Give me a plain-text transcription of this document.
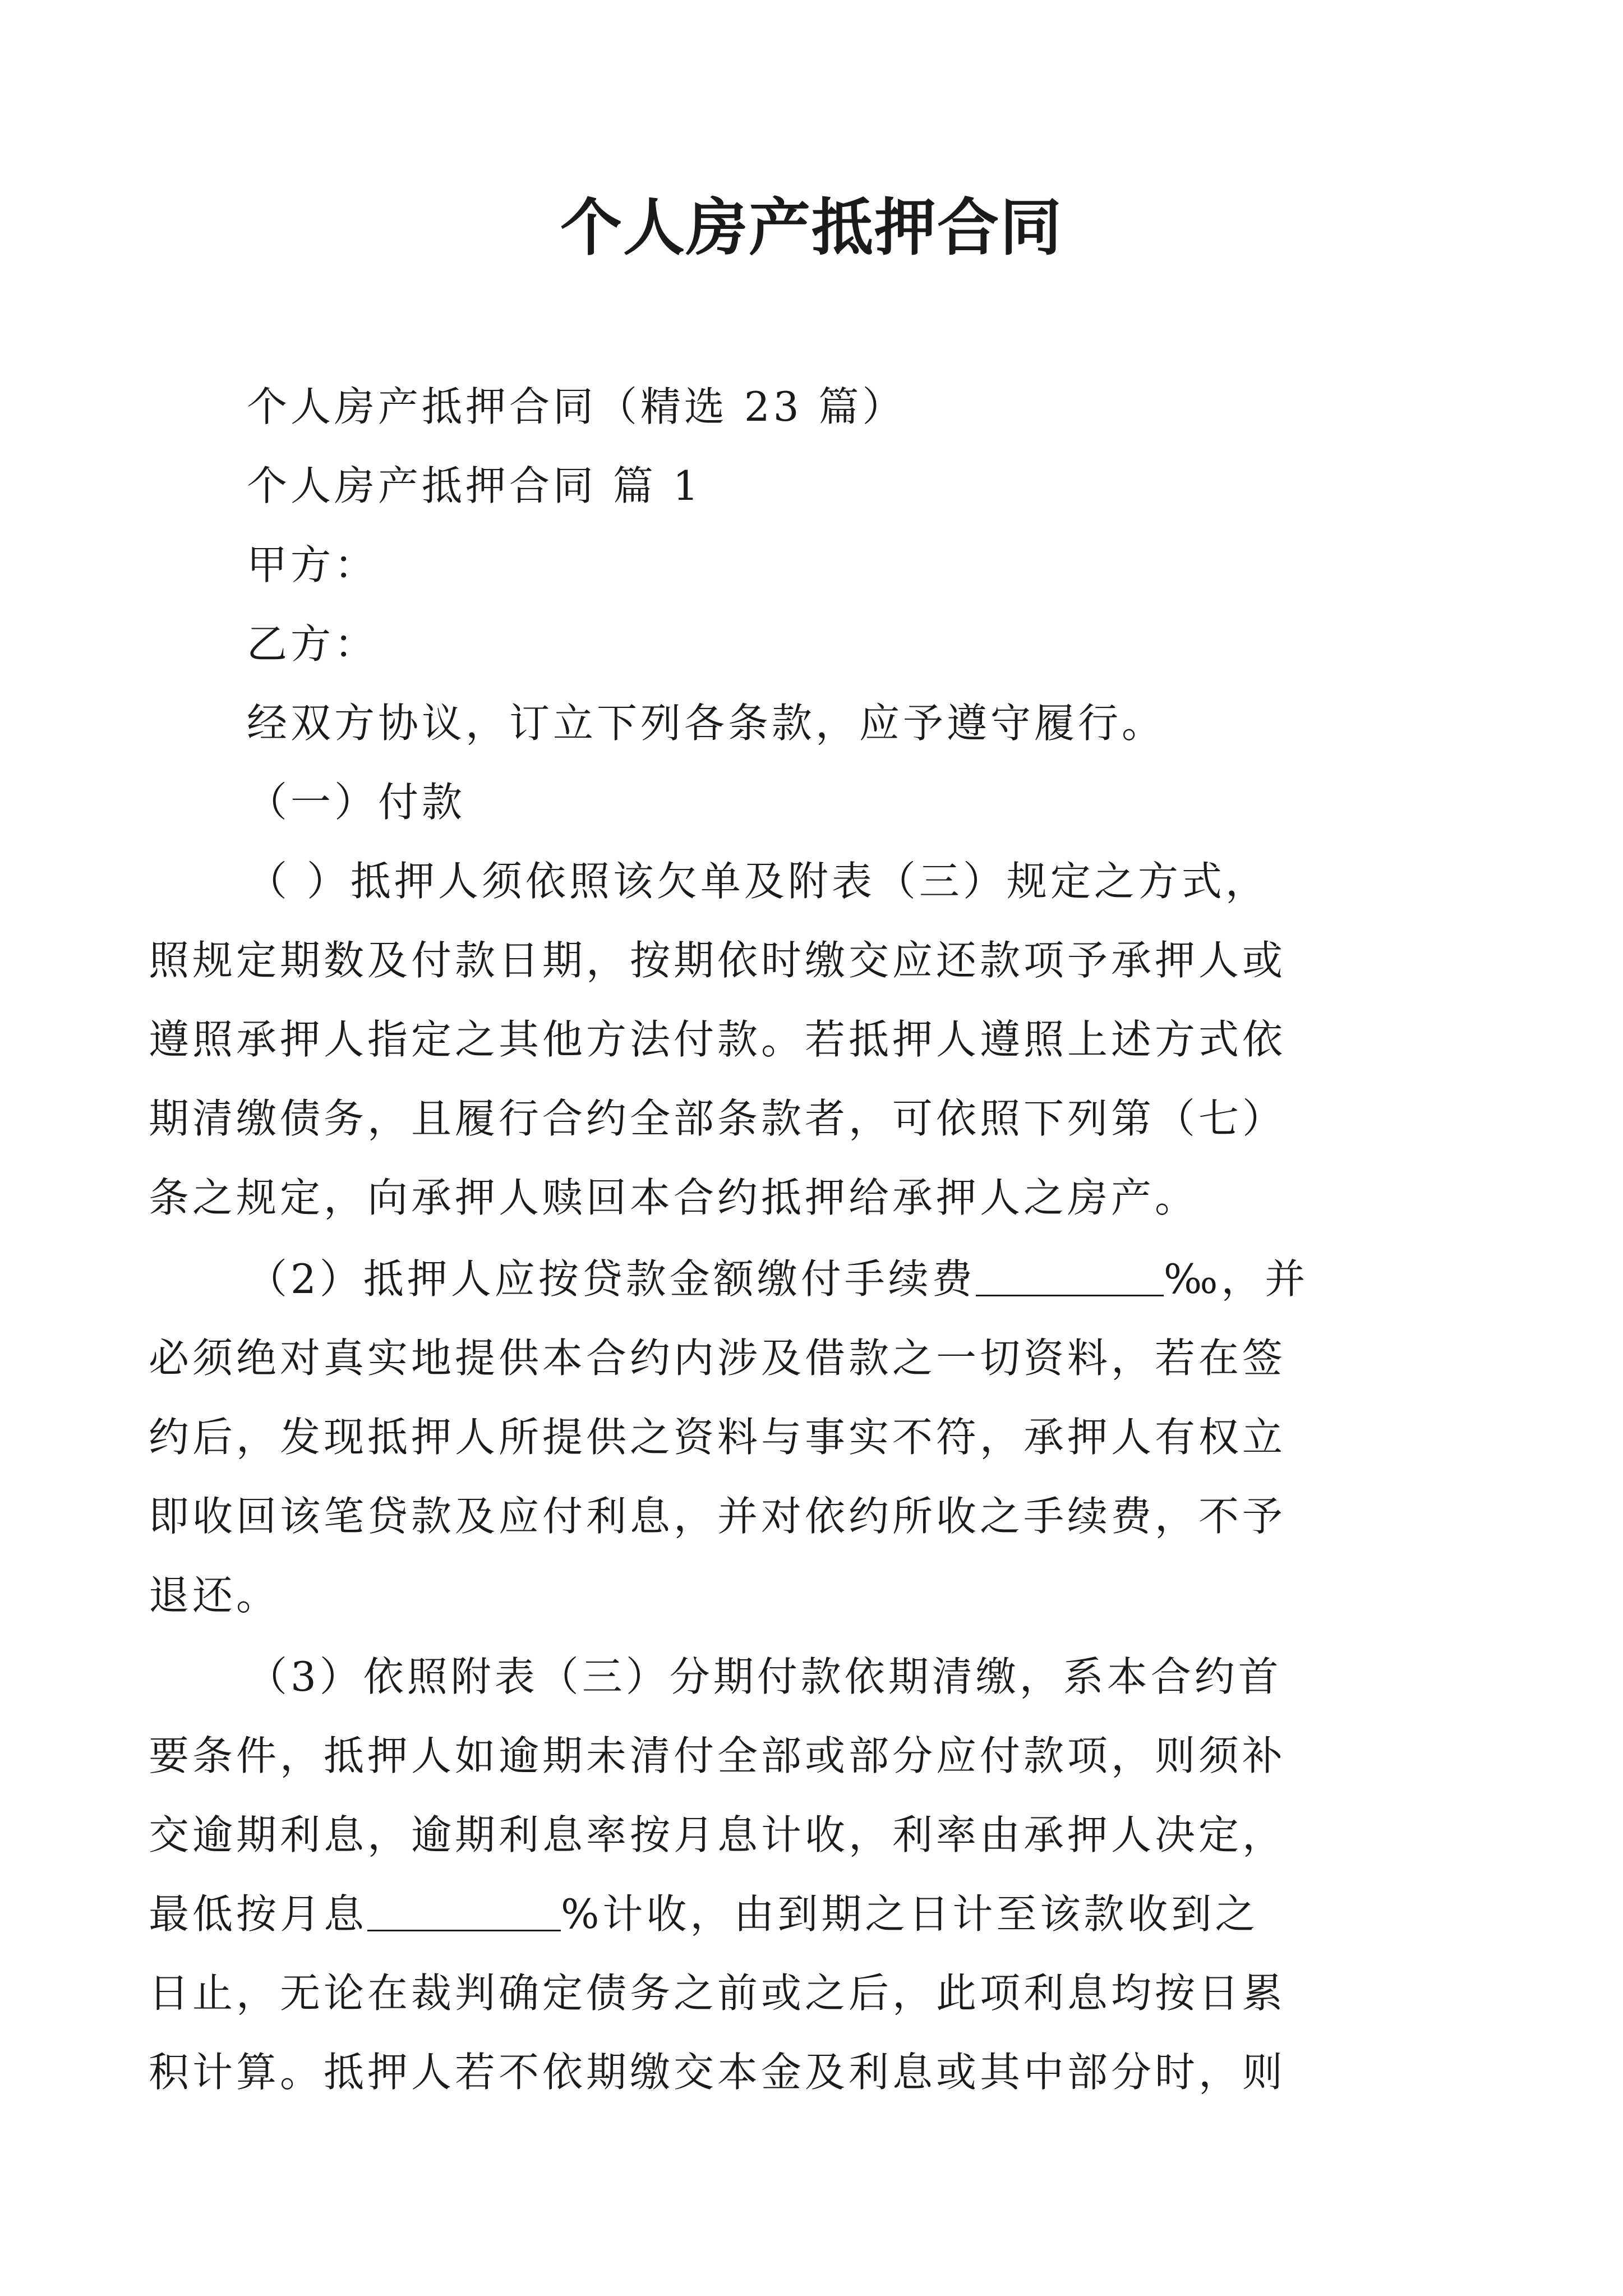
个人房产抵押合同

个人房产抵押合同（精选 23 篇）

个人房产抵押合同 篇 1

甲方：

乙方：

经双方协议，订立下列各条款，应予遵守履行。

（一）付款

（ ）抵押人须依照该欠单及附表（三）规定之方式，

照规定期数及付款日期，按期依时缴交应还款项予承押人或

遵照承押人指定之其他方法付款。若抵押人遵照上述方式依

期清缴债务，且履行合约全部条款者，可依照下列第（七）

条之规定，向承押人赎回本合约抵押给承押人之房产。

（2）抵押人应按贷款金额缴付手续费	‰，并

必须绝对真实地提供本合约内涉及借款之一切资料，若在签

约后，发现抵押人所提供之资料与事实不符，承押人有权立

即收回该笔贷款及应付利息，并对依约所收之手续费，不予

退还。

（3）依照附表（三）分期付款依期清缴，系本合约首

要条件，抵押人如逾期未清付全部或部分应付款项，则须补

交逾期利息，逾期利息率按月息计收，利率由承押人决定，

最低按月息	%计收，由到期之日计至该款收到之

日止，无论在裁判确定债务之前或之后，此项利息均按日累

积计算。抵押人若不依期缴交本金及利息或其中部分时，则
